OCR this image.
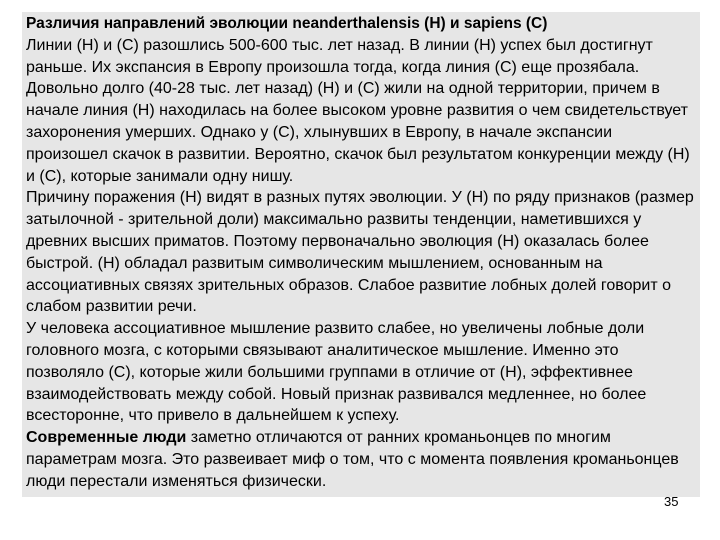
Различия направлений эволюции neanderthalensis (Н) и sapiens (С)

Линии (Н) и (С) разошлись 500-600 тыс. лет назад. В линии (Н) успех был достигнут раньше. Их экспансия в Европу произошла тогда, когда линия (С) еще прозябала. Довольно долго (40-28 тыс. лет назад) (Н) и (С) жили на одной территории, причем в начале линия (Н) находилась на более высоком уровне развития о чем свидетельствует захоронения умерших. Однако у (С), хлынувших в Европу, в начале экспансии произошел скачок в развитии. Вероятно, скачок был результатом конкуренции между (Н) и (С), которые занимали одну нишу.

Причину поражения (Н) видят в разных путях эволюции. У (Н) по ряду признаков (размер затылочной - зрительной доли) максимально развиты тенденции, наметившихся у древних высших приматов. Поэтому первоначально эволюция (Н) оказалась более быстрой. (Н) обладал развитым символическим мышлением, основанным на ассоциативных связях зрительных образов. Слабое развитие лобных долей говорит о слабом развитии речи.

У человека ассоциативное мышление развито слабее, но увеличены лобные доли головного мозга, с которыми связывают аналитическое мышление. Именно это позволяло (С), которые жили большими группами в отличие от (Н), эффективнее взаимодействовать между собой. Новый признак развивался медленнее, но более всесторонне, что привело в дальнейшем к успеху.

Современные люди заметно отличаются от ранних кроманьонцев по многим параметрам мозга. Это развеивает миф о том, что с момента появления кроманьонцев люди перестали изменяться физически.

35
